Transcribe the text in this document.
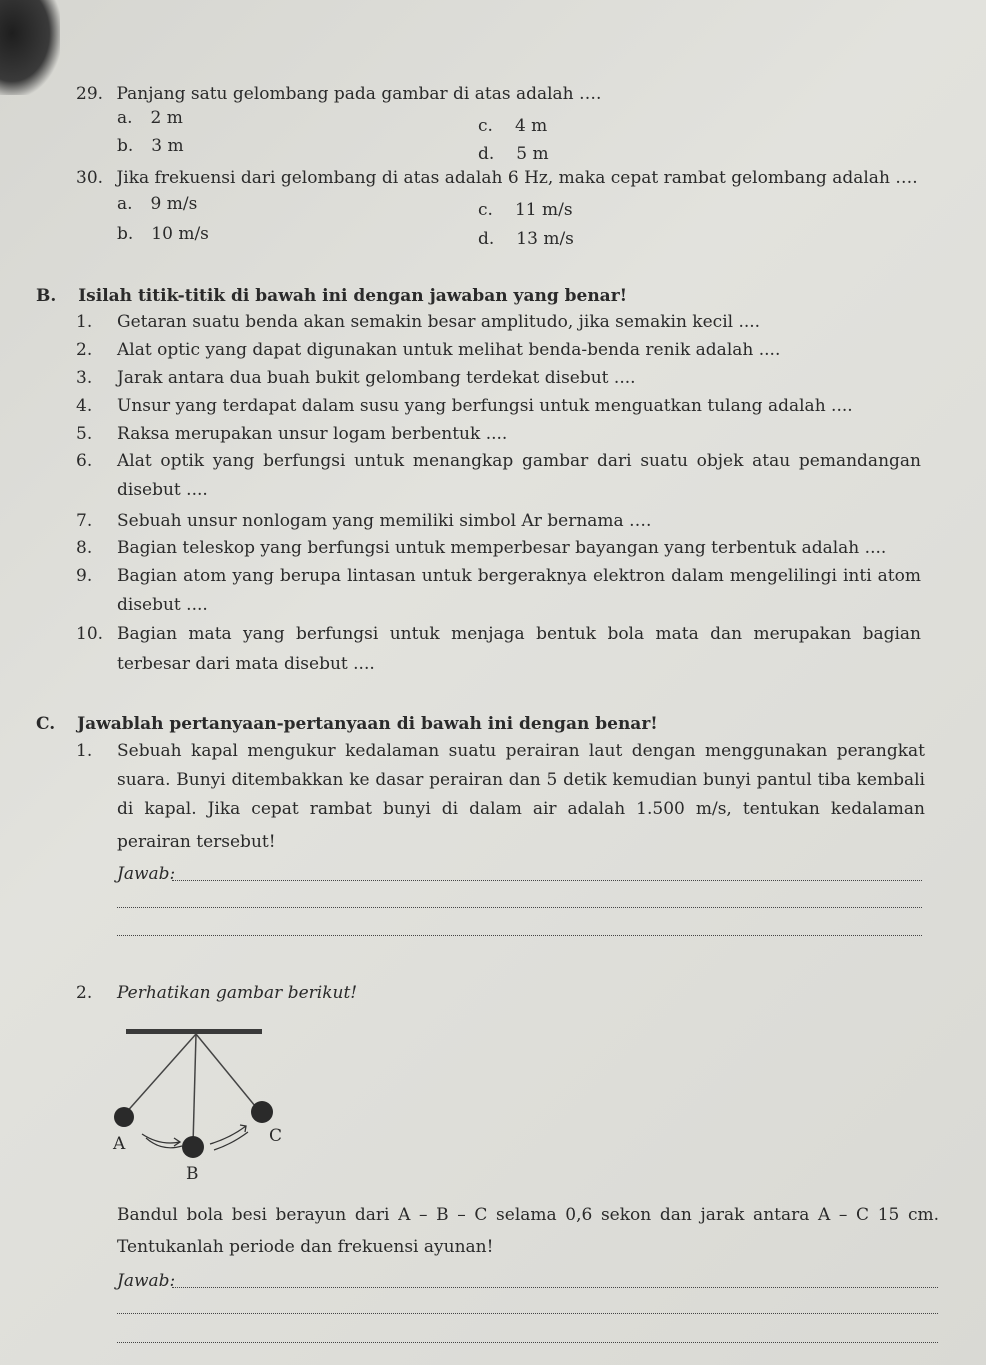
29. Panjang satu gelombang pada gambar di atas adalah ….
a. 2 m
b. 3 m
c. 4 m
d. 5 m
30. Jika frekuensi dari gelombang di atas adalah 6 Hz, maka cepat rambat gelombang adalah ….
a. 9 m/s
b. 10 m/s
c. 11 m/s
d. 13 m/s
B. Isilah titik-titik di bawah ini dengan jawaban yang benar!
1. Getaran suatu benda akan semakin besar amplitudo, jika semakin kecil ....
2. Alat optic yang dapat digunakan untuk melihat benda-benda renik adalah ....
3. Jarak antara dua buah bukit gelombang terdekat disebut ....
4. Unsur yang terdapat dalam susu yang berfungsi untuk menguatkan tulang adalah ....
5. Raksa merupakan unsur logam berbentuk ....
6. Alat optik yang berfungsi untuk menangkap gambar dari suatu objek atau pemandangan
disebut ....
7. Sebuah unsur nonlogam yang memiliki simbol Ar bernama ….
8. Bagian teleskop yang berfungsi untuk memperbesar bayangan yang terbentuk adalah ....
9. Bagian atom yang berupa lintasan untuk bergeraknya elektron dalam mengelilingi inti atom
disebut ....
10. Bagian mata yang berfungsi untuk menjaga bentuk bola mata dan merupakan bagian
terbesar dari mata disebut ....
C. Jawablah pertanyaan-pertanyaan di bawah ini dengan benar!
1. Sebuah kapal mengukur kedalaman suatu perairan laut dengan menggunakan perangkat
suara. Bunyi ditembakkan ke dasar perairan dan 5 detik kemudian bunyi pantul tiba kembali
di kapal. Jika cepat rambat bunyi di dalam air adalah 1.500 m/s, tentukan kedalaman
perairan tersebut!
Jawab:
2. Perhatikan gambar berikut!
A
B
C
Bandul bola besi berayun dari A – B – C selama 0,6 sekon dan jarak antara A – C 15 cm.
Tentukanlah periode dan frekuensi ayunan!
Jawab:
